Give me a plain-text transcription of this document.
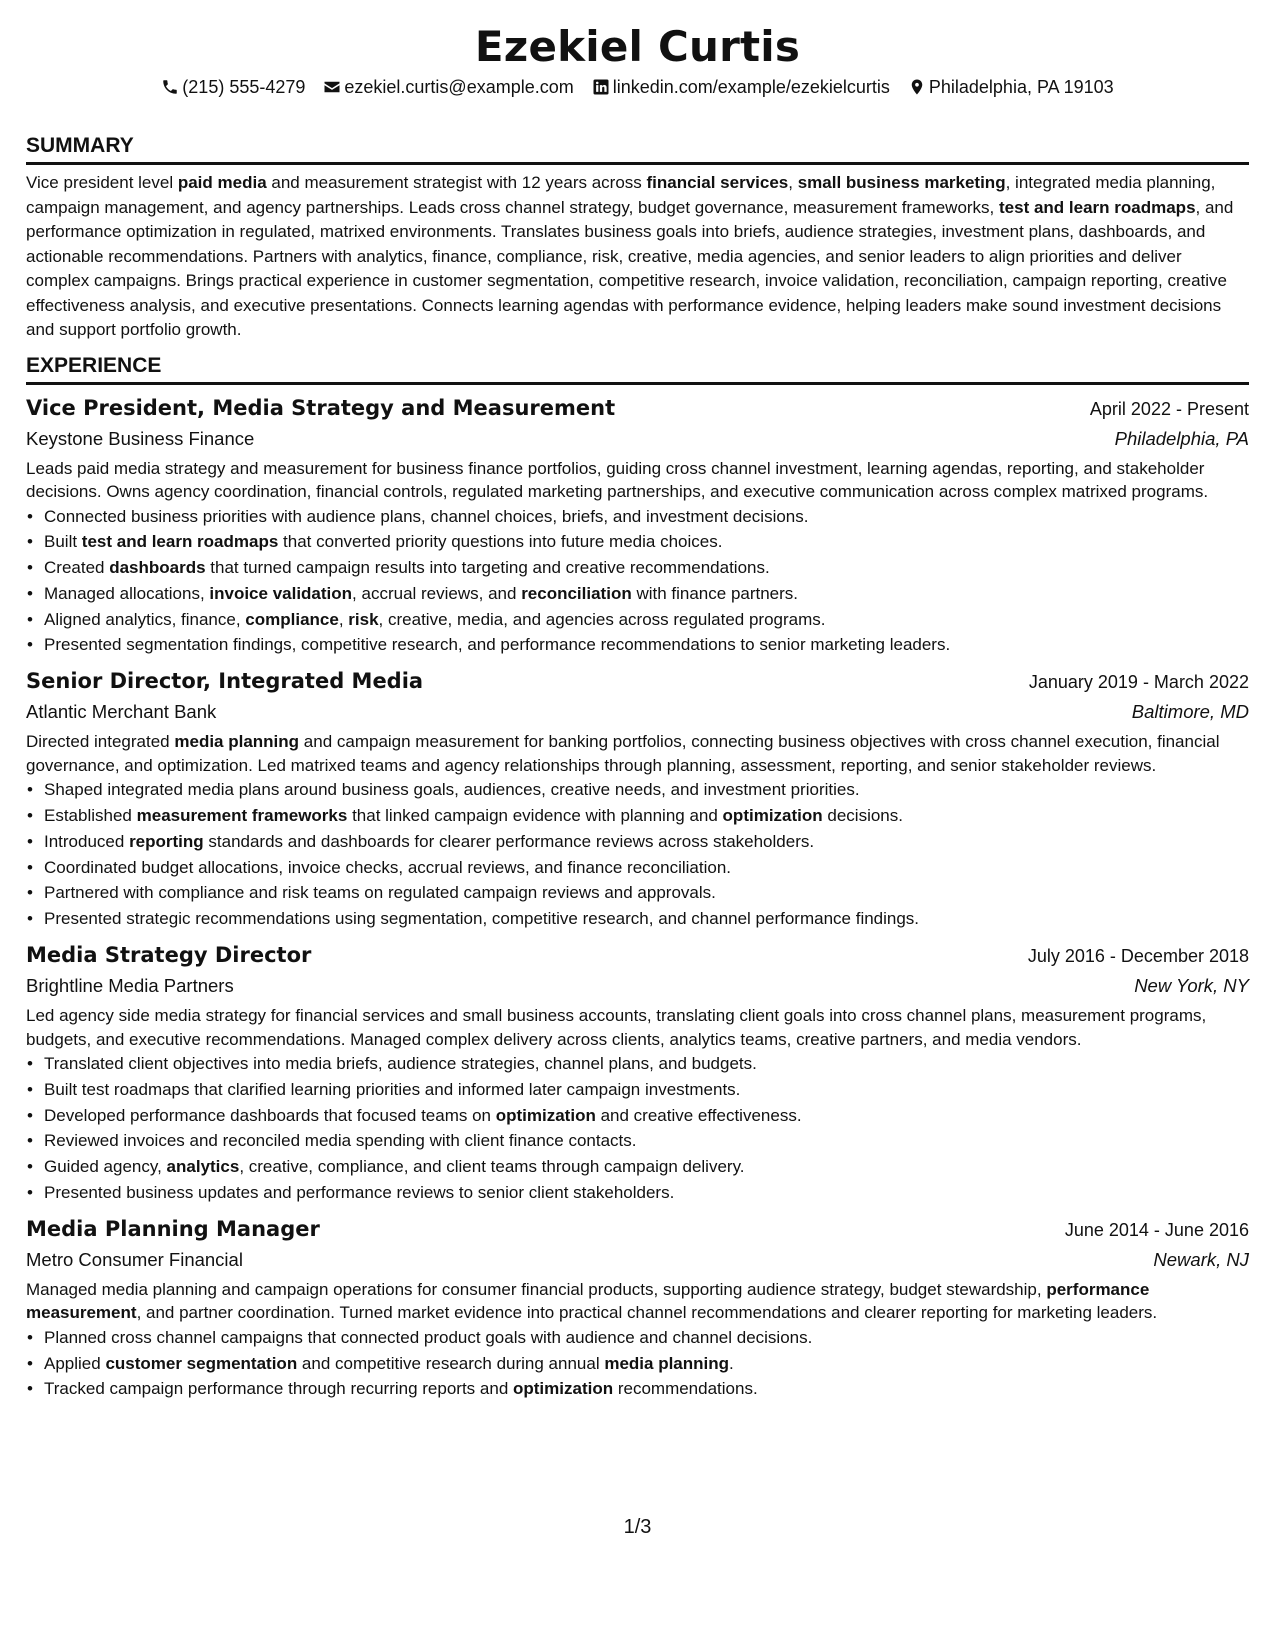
Ezekiel Curtis
(215) 555-4279 ezekiel.curtis@example.com linkedin.com/example/ezekielcurtis Philadelphia, PA 19103
SUMMARY

Vice president level paid media and measurement strategist with 12 years across financial services, small business marketing, integrated media planning, campaign management, and agency partnerships. Leads cross channel strategy, budget governance, measurement frameworks, test and learn roadmaps, and performance optimization in regulated, matrixed environments. Translates business goals into briefs, audience strategies, investment plans, dashboards, and actionable recommendations. Partners with analytics, finance, compliance, risk, creative, media agencies, and senior leaders to align priorities and deliver complex campaigns. Brings practical experience in customer segmentation, competitive research, invoice validation, reconciliation, campaign reporting, creative effectiveness analysis, and executive presentations. Connects learning agendas with performance evidence, helping leaders make sound investment decisions and support portfolio growth.

EXPERIENCE
Vice President, Media Strategy and Measurement	April 2022 - Present
Keystone Business Finance	Philadelphia, PA

Leads paid media strategy and measurement for business finance portfolios, guiding cross channel investment, learning agendas, reporting, and stakeholder decisions. Owns agency coordination, financial controls, regulated marketing partnerships, and executive communication across complex matrixed programs.

• Connected business priorities with audience plans, channel choices, briefs, and investment decisions.
• Built test and learn roadmaps that converted priority questions into future media choices.
• Created dashboards that turned campaign results into targeting and creative recommendations.
• Managed allocations, invoice validation, accrual reviews, and reconciliation with finance partners.
• Aligned analytics, finance, compliance, risk, creative, media, and agencies across regulated programs.
• Presented segmentation findings, competitive research, and performance recommendations to senior marketing leaders.
Senior Director, Integrated Media	January 2019 - March 2022
Atlantic Merchant Bank	Baltimore, MD

Directed integrated media planning and campaign measurement for banking portfolios, connecting business objectives with cross channel execution, financial governance, and optimization. Led matrixed teams and agency relationships through planning, assessment, reporting, and senior stakeholder reviews.

• Shaped integrated media plans around business goals, audiences, creative needs, and investment priorities.
• Established measurement frameworks that linked campaign evidence with planning and optimization decisions.
• Introduced reporting standards and dashboards for clearer performance reviews across stakeholders.
• Coordinated budget allocations, invoice checks, accrual reviews, and finance reconciliation.
• Partnered with compliance and risk teams on regulated campaign reviews and approvals.
• Presented strategic recommendations using segmentation, competitive research, and channel performance findings.
Media Strategy Director	July 2016 - December 2018
Brightline Media Partners	New York, NY

Led agency side media strategy for financial services and small business accounts, translating client goals into cross channel plans, measurement programs, budgets, and executive recommendations. Managed complex delivery across clients, analytics teams, creative partners, and media vendors.

• Translated client objectives into media briefs, audience strategies, channel plans, and budgets.
• Built test roadmaps that clarified learning priorities and informed later campaign investments.
• Developed performance dashboards that focused teams on optimization and creative effectiveness.
• Reviewed invoices and reconciled media spending with client finance contacts.
• Guided agency, analytics, creative, compliance, and client teams through campaign delivery.
• Presented business updates and performance reviews to senior client stakeholders.
Media Planning Manager	June 2014 - June 2016
Metro Consumer Financial	Newark, NJ

Managed media planning and campaign operations for consumer financial products, supporting audience strategy, budget stewardship, performance measurement, and partner coordination. Turned market evidence into practical channel recommendations and clearer reporting for marketing leaders.

• Planned cross channel campaigns that connected product goals with audience and channel decisions.
• Applied customer segmentation and competitive research during annual media planning.
• Tracked campaign performance through recurring reports and optimization recommendations.
1/3
